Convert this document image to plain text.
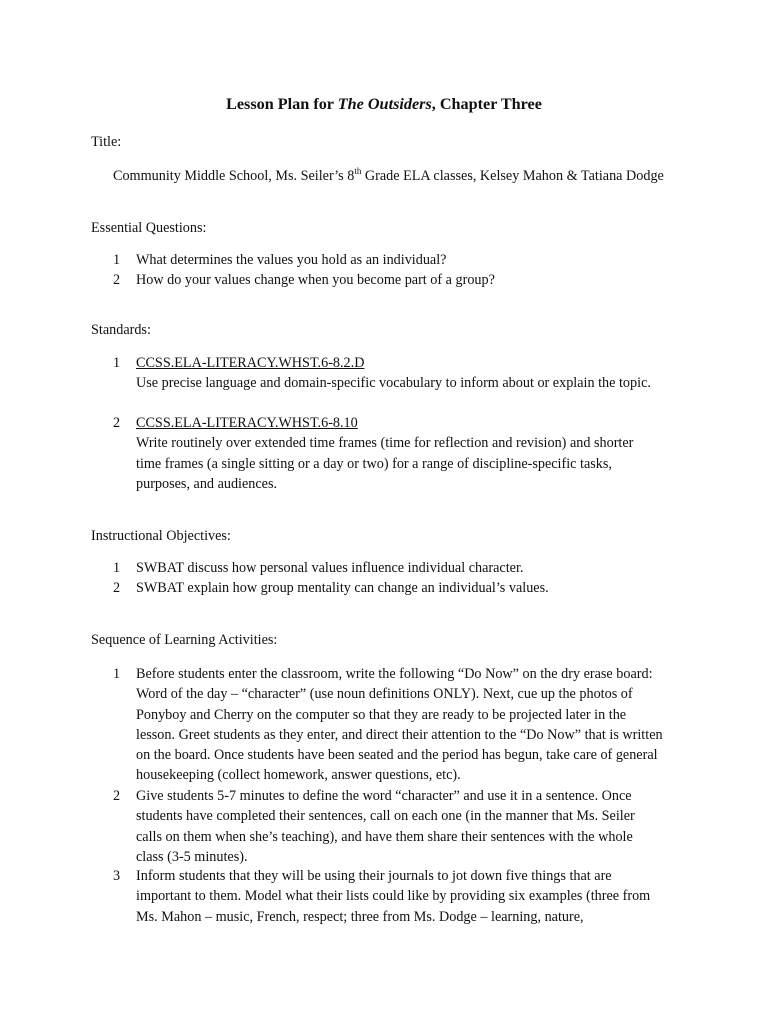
Lesson Plan for The Outsiders, Chapter Three
Title:
Community Middle School, Ms. Seiler’s 8th Grade ELA classes, Kelsey Mahon & Tatiana Dodge
Essential Questions:
1 What determines the values you hold as an individual?
2 How do your values change when you become part of a group?
Standards:
1 CCSS.ELA-LITERACY.WHST.6-8.2.D
Use precise language and domain-specific vocabulary to inform about or explain the topic.
2 CCSS.ELA-LITERACY.WHST.6-8.10
Write routinely over extended time frames (time for reflection and revision) and shorter time frames (a single sitting or a day or two) for a range of discipline-specific tasks, purposes, and audiences.
Instructional Objectives:
1 SWBAT discuss how personal values influence individual character.
2 SWBAT explain how group mentality can change an individual’s values.
Sequence of Learning Activities:
1 Before students enter the classroom, write the following “Do Now” on the dry erase board: Word of the day – “character” (use noun definitions ONLY). Next, cue up the photos of Ponyboy and Cherry on the computer so that they are ready to be projected later in the lesson. Greet students as they enter, and direct their attention to the “Do Now” that is written on the board. Once students have been seated and the period has begun, take care of general housekeeping (collect homework, answer questions, etc).
2 Give students 5-7 minutes to define the word “character” and use it in a sentence. Once students have completed their sentences, call on each one (in the manner that Ms. Seiler calls on them when she’s teaching), and have them share their sentences with the whole class (3-5 minutes).
3 Inform students that they will be using their journals to jot down five things that are important to them. Model what their lists could like by providing six examples (three from Ms. Mahon – music, French, respect; three from Ms. Dodge – learning, nature,
